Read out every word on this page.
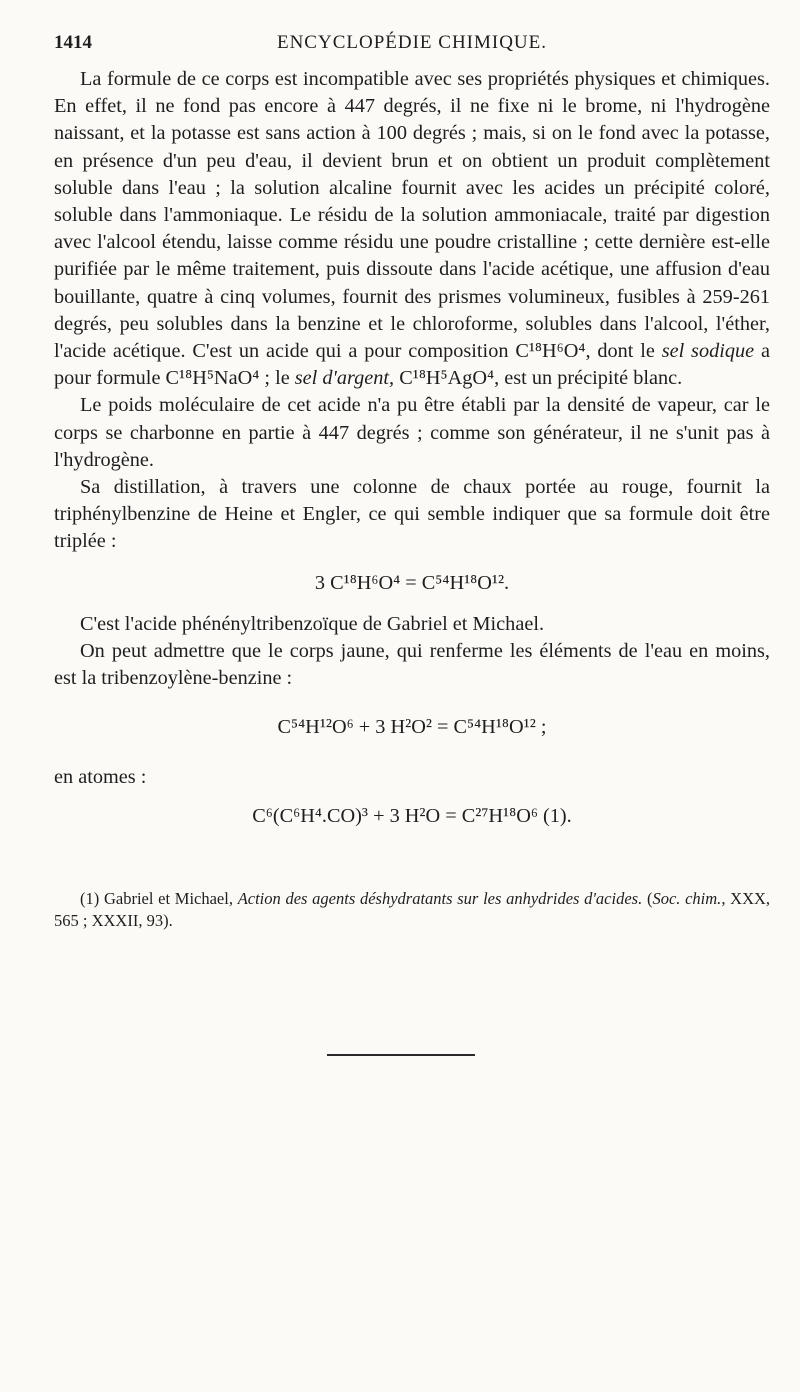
1414	ENCYCLOPÉDIE CHIMIQUE.

La formule de ce corps est incompatible avec ses propriétés physiques et chimiques. En effet, il ne fond pas encore à 447 degrés, il ne fixe ni le brome, ni l'hydrogène naissant, et la potasse est sans action à 100 degrés ; mais, si on le fond avec la potasse, en présence d'un peu d'eau, il devient brun et on obtient un produit complètement soluble dans l'eau ; la solution alcaline fournit avec les acides un précipité coloré, soluble dans l'ammoniaque. Le résidu de la solution ammoniacale, traité par digestion avec l'alcool étendu, laisse comme résidu une poudre cristalline ; cette dernière est-elle purifiée par le même traitement, puis dissoute dans l'acide acétique, une affusion d'eau bouillante, quatre à cinq volumes, fournit des prismes volumineux, fusibles à 259-261 degrés, peu solubles dans la benzine et le chloroforme, solubles dans l'alcool, l'éther, l'acide acétique. C'est un acide qui a pour composition C¹⁸H⁶O⁴, dont le sel sodique a pour formule C¹⁸H⁵NaO⁴ ; le sel d'argent, C¹⁸H⁵AgO⁴, est un précipité blanc.

Le poids moléculaire de cet acide n'a pu être établi par la densité de vapeur, car le corps se charbonne en partie à 447 degrés ; comme son générateur, il ne s'unit pas à l'hydrogène.

Sa distillation, à travers une colonne de chaux portée au rouge, fournit la triphénylbenzine de Heine et Engler, ce qui semble indiquer que sa formule doit être triplée :

3 C¹⁸H⁶O⁴ = C⁵⁴H¹⁸O¹².

C'est l'acide phénényltribenzoïque de Gabriel et Michael.

On peut admettre que le corps jaune, qui renferme les éléments de l'eau en moins, est la tribenzoylène-benzine :

C⁵⁴H¹²O⁶ + 3 H²O² = C⁵⁴H¹⁸O¹² ;

en atomes :

C⁶(C⁶H⁴.CO)³ + 3 H²O = C²⁷H¹⁸O⁶ (1).

(1) Gabriel et Michael, Action des agents déshydratants sur les anhydrides d'acides. (Soc. chim., XXX, 565 ; XXXII, 93).
